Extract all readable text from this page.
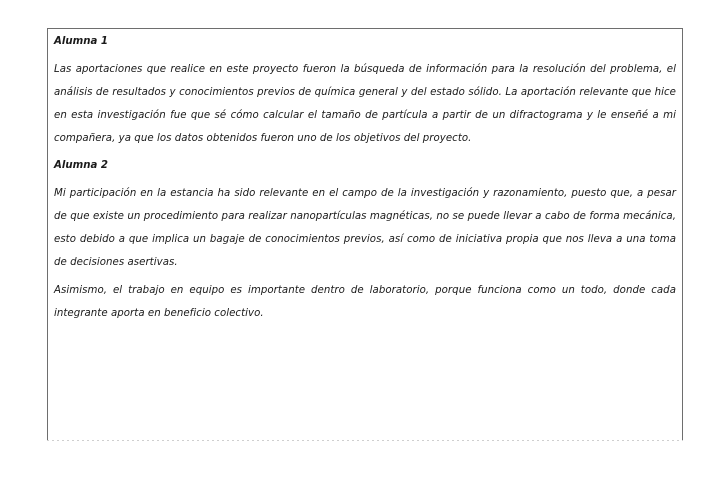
Alumna 1

Las aportaciones que realice en este proyecto fueron la búsqueda de información para la resolución del problema, el análisis de resultados y conocimientos previos de química general y del estado sólido. La aportación relevante que hice en esta investigación fue que sé cómo calcular el tamaño de partícula a partir de un difractograma y le enseñé a mi compañera, ya que los datos obtenidos fueron uno de los objetivos del proyecto.

Alumna 2

Mi participación en la estancia ha sido relevante en el campo de la investigación y razonamiento, puesto que, a pesar de que existe un procedimiento para realizar nanopartículas magnéticas, no se puede llevar a cabo de forma mecánica, esto debido a que implica un bagaje de conocimientos previos, así como de iniciativa propia que nos lleva a una toma de decisiones asertivas.

Asimismo, el trabajo en equipo es importante dentro de laboratorio, porque funciona como un todo, donde cada integrante aporta en beneficio colectivo.
